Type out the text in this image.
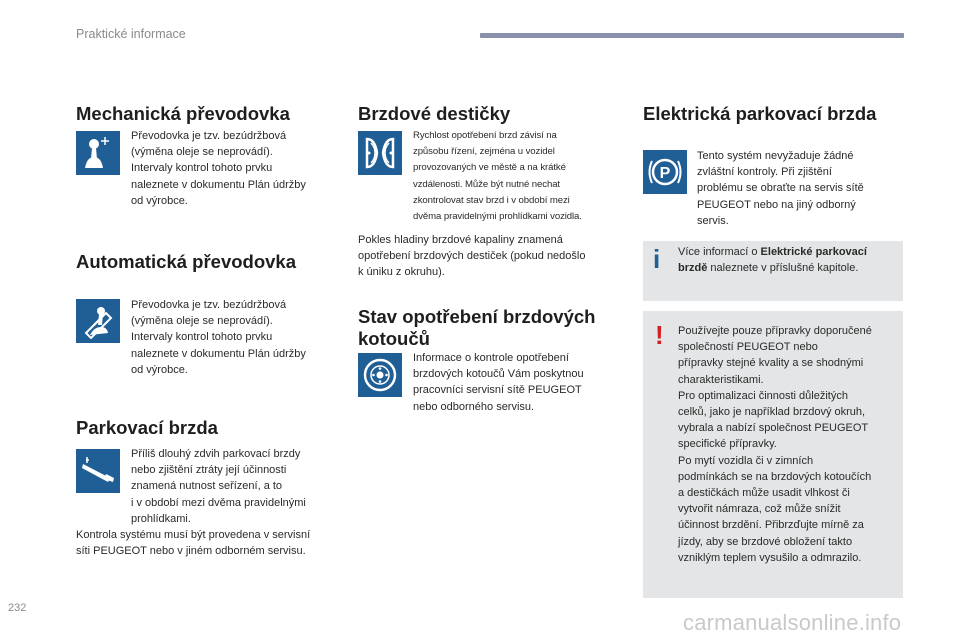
Praktické informace
Mechanická převodovka
Převodovka je tzv. bezúdržbová
(výměna oleje se neprovádí).
Intervaly kontrol tohoto prvku
naleznete v dokumentu Plán údržby
od výrobce.
Automatická převodovka
Převodovka je tzv. bezúdržbová
(výměna oleje se neprovádí).
Intervaly kontrol tohoto prvku
naleznete v dokumentu Plán údržby
od výrobce.
Parkovací brzda
Příliš dlouhý zdvih parkovací brzdy
nebo zjištění ztráty její účinnosti
znamená nutnost seřízení, a to
i v období mezi dvěma pravidelnými
prohlídkami.
Kontrola systému musí být provedena v servisní
síti PEUGEOT nebo v jiném odborném servisu.
Brzdové destičky
Rychlost opotřebení brzd závisí na
způsobu řízení, zejména u vozidel
provozovaných ve městě a na krátké
vzdálenosti. Může být nutné nechat
zkontrolovat stav brzd i v období mezi
dvěma pravidelnými prohlídkami vozidla.
Pokles hladiny brzdové kapaliny znamená
opotřebení brzdových destiček (pokud nedošlo
k úniku z okruhu).
Stav opotřebení brzdových
kotoučů
Informace o kontrole opotřebení
brzdových kotoučů Vám poskytnou
pracovníci servisní sítě PEUGEOT
nebo odborného servisu.
Elektrická parkovací brzda
P
Tento systém nevyžaduje žádné
zvláštní kontroly. Při zjištění
problému se obraťte na servis sítě
PEUGEOT nebo na jiný odborný
servis.
i Více informací o Elektrické parkovací
brzdě naleznete v příslušné kapitole.
! Používejte pouze přípravky doporučené
společností PEUGEOT nebo
přípravky stejné kvality a se shodnými
charakteristikami.
Pro optimalizaci činnosti důležitých
celků, jako je například brzdový okruh,
vybrala a nabízí společnost PEUGEOT
specifické přípravky.
Po mytí vozidla či v zimních
podmínkách se na brzdových kotoučích
a destičkách může usadit vlhkost či
vytvořit námraza, což může snížit
účinnost brzdění. Přibrzďujte mírně za
jízdy, aby se brzdové obložení takto
vzniklým teplem vysušilo a odmrazilo.
232
carmanualsonline.info
